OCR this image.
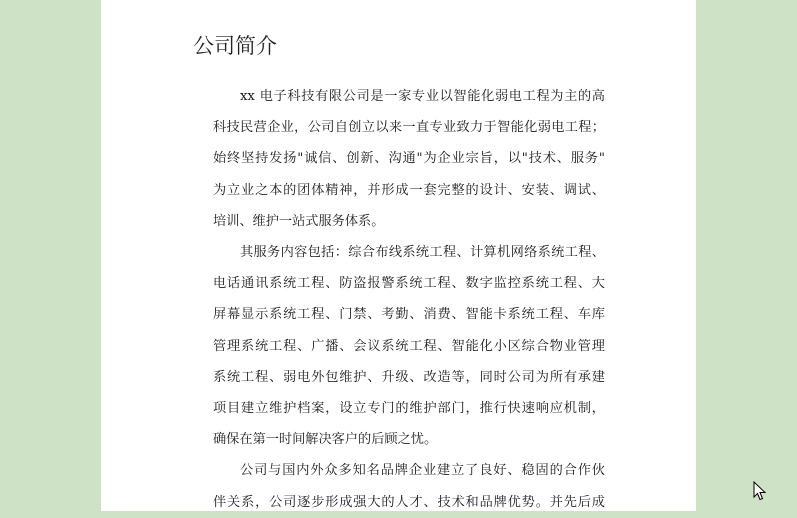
公司简介
xx 电子科技有限公司是一家专业以智能化弱电工程为主的高
科技民营企业，公司自创立以来一直专业致力于智能化弱电工程；
始终坚持发扬"诚信、创新、沟通"为企业宗旨，以"技术、服务"
为立业之本的团体精神，并形成一套完整的设计、安装、调试、
培训、维护一站式服务体系。
其服务内容包括：综合布线系统工程、计算机网络系统工程、
电话通讯系统工程、防盗报警系统工程、数字监控系统工程、大
屏幕显示系统工程、门禁、考勤、消费、智能卡系统工程、车库
管理系统工程、广播、会议系统工程、智能化小区综合物业管理
系统工程、弱电外包维护、升级、改造等，同时公司为所有承建
项目建立维护档案，设立专门的维护部门，推行快速响应机制，
确保在第一时间解决客户的后顾之忧。
公司与国内外众多知名品牌企业建立了良好、稳固的合作伙
伴关系，公司逐步形成强大的人才、技术和品牌优势。并先后成
